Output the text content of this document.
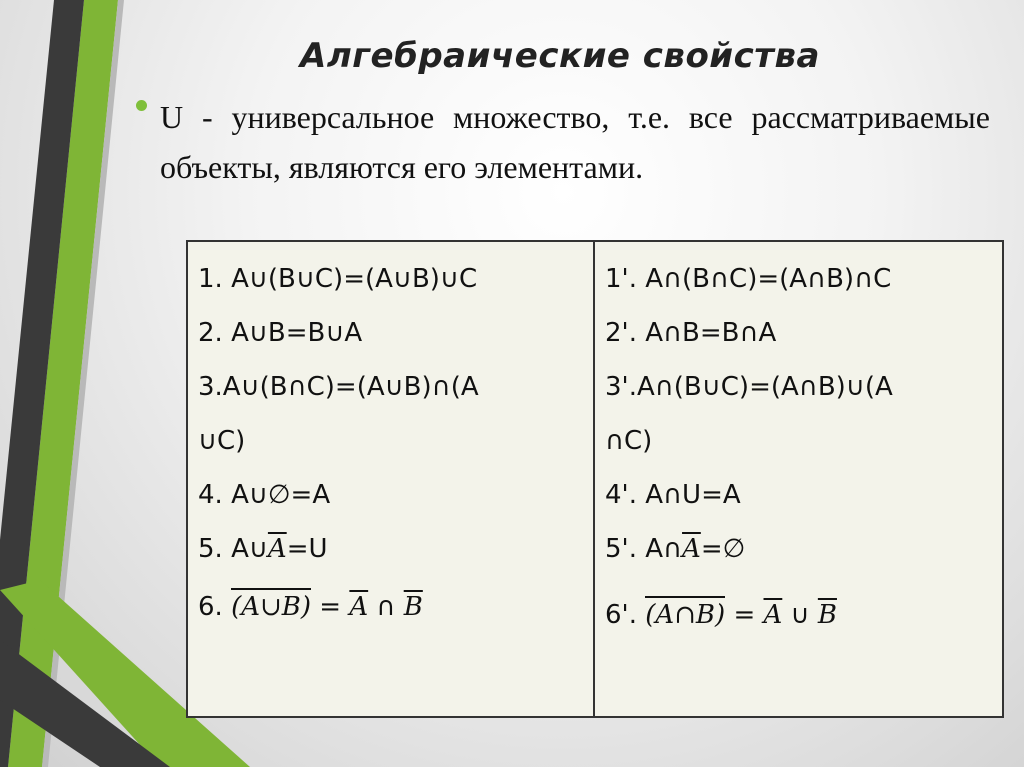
Алгебраические свойства
U - универсальное множество, т.е. все рассматриваемые объекты, являются его элементами.
1. A∪(B∪C)=(A∪B)∪C
2. A∪B=B∪A
3.A∪(B∩C)=(A∪B)∩(A
∪C)
4. A∪∅=A
5. $A\cup\overline{A}=U$
6. (A∪B) = $\overline{A}$ ∩ $\overline{B}$
1'. A∩(B∩C)=(A∩B)∩C
2'. A∩B=B∩A
3'.A∩(B∪C)=(A∩B)∪(A
∩C)
4'. A∩U=A
5'. $A\cap\overline{A}=\emptyset$
6'. (A∩B) = $\overline{A}$ ∪ $\overline{B}$
